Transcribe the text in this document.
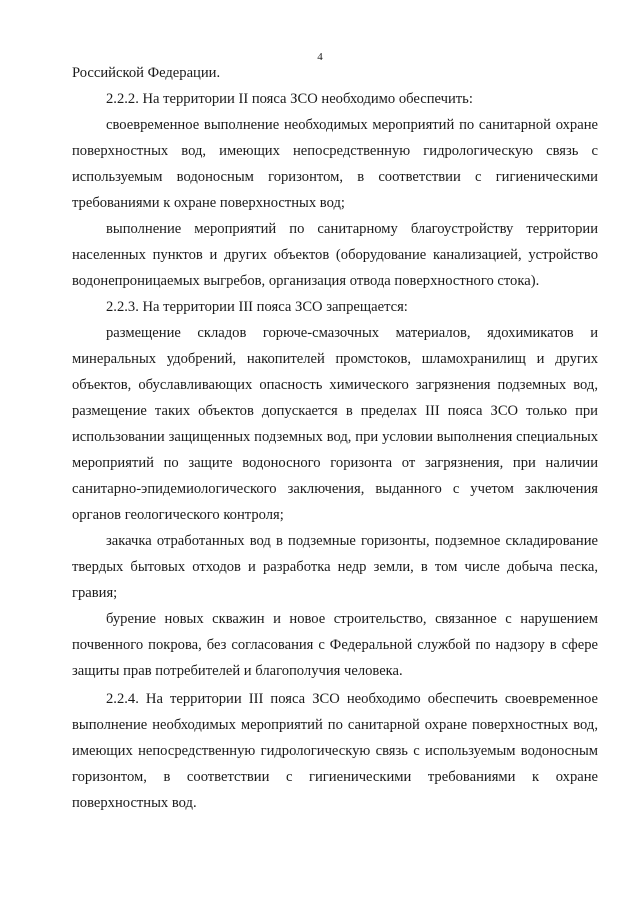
4

Российской Федерации.

2.2.2. На территории II пояса ЗСО необходимо обеспечить:

своевременное выполнение необходимых мероприятий по санитарной охране поверхностных вод, имеющих непосредственную гидрологическую связь с используемым водоносным горизонтом, в соответствии с гигиеническими требованиями к охране поверхностных вод;

выполнение мероприятий по санитарному благоустройству территории населенных пунктов и других объектов (оборудование канализацией, устройство водонепроницаемых выгребов, организация отвода поверхностного стока).

2.2.3. На территории III пояса ЗСО запрещается:

размещение складов горюче-смазочных материалов, ядохимикатов и минеральных удобрений, накопителей промстоков, шламохранилищ и других объектов, обуславливающих опасность химического загрязнения подземных вод, размещение таких объектов допускается в пределах III пояса ЗСО только при использовании защищенных подземных вод, при условии выполнения специальных мероприятий по защите водоносного горизонта от загрязнения, при наличии санитарно-эпидемиологического заключения, выданного с учетом заключения органов геологического контроля;

закачка отработанных вод в подземные горизонты, подземное складирование твердых бытовых отходов и разработка недр земли, в том числе добыча песка, гравия;

бурение новых скважин и новое строительство, связанное с нарушением почвенного покрова, без согласования с Федеральной службой по надзору в сфере защиты прав потребителей и благополучия человека.

2.2.4. На территории III пояса ЗСО необходимо обеспечить своевременное выполнение необходимых мероприятий по санитарной охране поверхностных вод, имеющих непосредственную гидрологическую связь с используемым водоносным горизонтом, в соответствии с гигиеническими требованиями к охране поверхностных вод.
